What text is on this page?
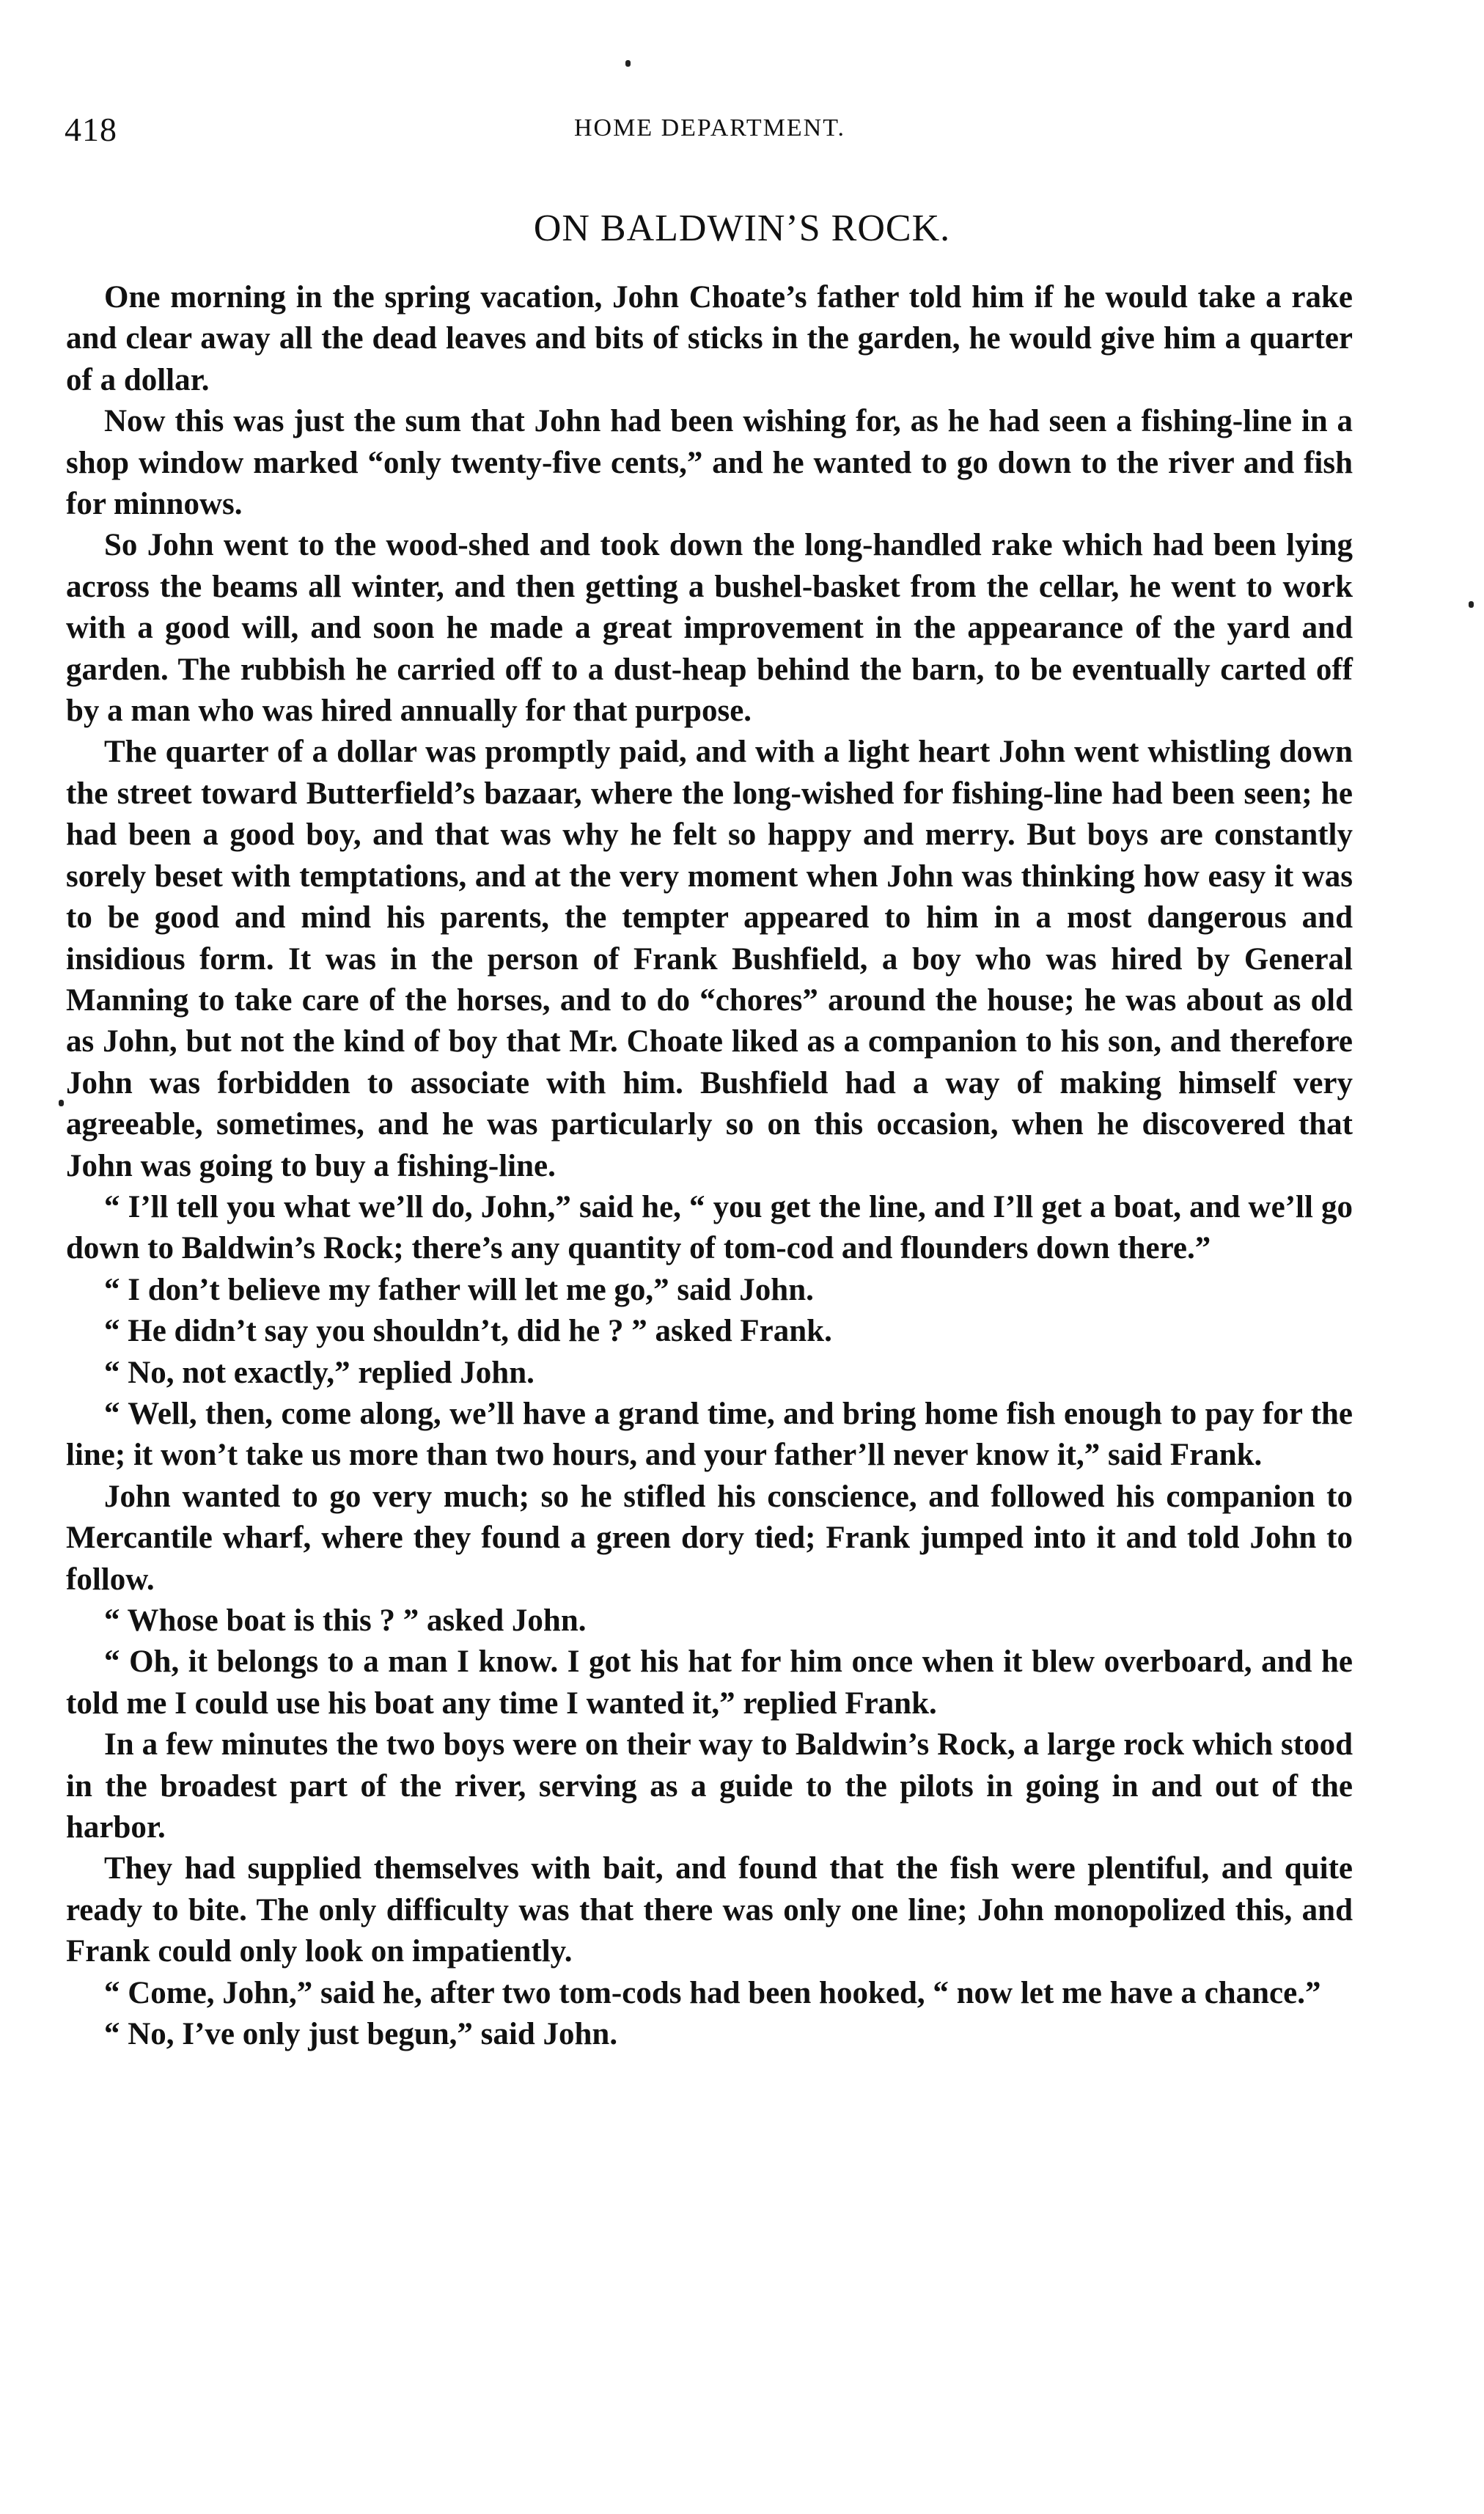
418	HOME DEPARTMENT.
ON BALDWIN’S ROCK.

One morning in the spring vacation, John Choate’s father told him if he would take a rake and clear away all the dead leaves and bits of sticks in the garden, he would give him a quarter of a dollar.

Now this was just the sum that John had been wishing for, as he had seen a fishing-line in a shop window marked “only twenty-five cents,” and he wanted to go down to the river and fish for minnows.

So John went to the wood-shed and took down the long-handled rake which had been lying across the beams all winter, and then getting a bushel-basket from the cellar, he went to work with a good will, and soon he made a great improvement in the appearance of the yard and garden. The rubbish he carried off to a dust-heap behind the barn, to be eventually carted off by a man who was hired annually for that purpose.

The quarter of a dollar was promptly paid, and with a light heart John went whistling down the street toward Butterfield’s bazaar, where the long-wished for fishing-line had been seen; he had been a good boy, and that was why he felt so happy and merry. But boys are constantly sorely beset with temptations, and at the very moment when John was thinking how easy it was to be good and mind his parents, the tempter appeared to him in a most dangerous and insidious form. It was in the person of Frank Bushfield, a boy who was hired by General Manning to take care of the horses, and to do “chores” around the house; he was about as old as John, but not the kind of boy that Mr. Choate liked as a companion to his son, and therefore John was forbidden to associate with him. Bushfield had a way of making himself very agreeable, sometimes, and he was particularly so on this occasion, when he discovered that John was going to buy a fishing-line.

“ I’ll tell you what we’ll do, John,” said he, “ you get the line, and I’ll get a boat, and we’ll go down to Baldwin’s Rock; there’s any quantity of tom-cod and flounders down there.”

“ I don’t believe my father will let me go,” said John.

“ He didn’t say you shouldn’t, did he ? ” asked Frank.

“ No, not exactly,” replied John.

“ Well, then, come along, we’ll have a grand time, and bring home fish enough to pay for the line; it won’t take us more than two hours, and your father’ll never know it,” said Frank.

John wanted to go very much; so he stifled his conscience, and followed his companion to Mercantile wharf, where they found a green dory tied; Frank jumped into it and told John to follow.

“ Whose boat is this ? ” asked John.

“ Oh, it belongs to a man I know. I got his hat for him once when it blew overboard, and he told me I could use his boat any time I wanted it,” replied Frank.

In a few minutes the two boys were on their way to Baldwin’s Rock, a large rock which stood in the broadest part of the river, serving as a guide to the pilots in going in and out of the harbor.

They had supplied themselves with bait, and found that the fish were plentiful, and quite ready to bite. The only difficulty was that there was only one line; John monopolized this, and Frank could only look on impatiently.

“ Come, John,” said he, after two tom-cods had been hooked, “ now let me have a chance.”

“ No, I’ve only just begun,” said John.
